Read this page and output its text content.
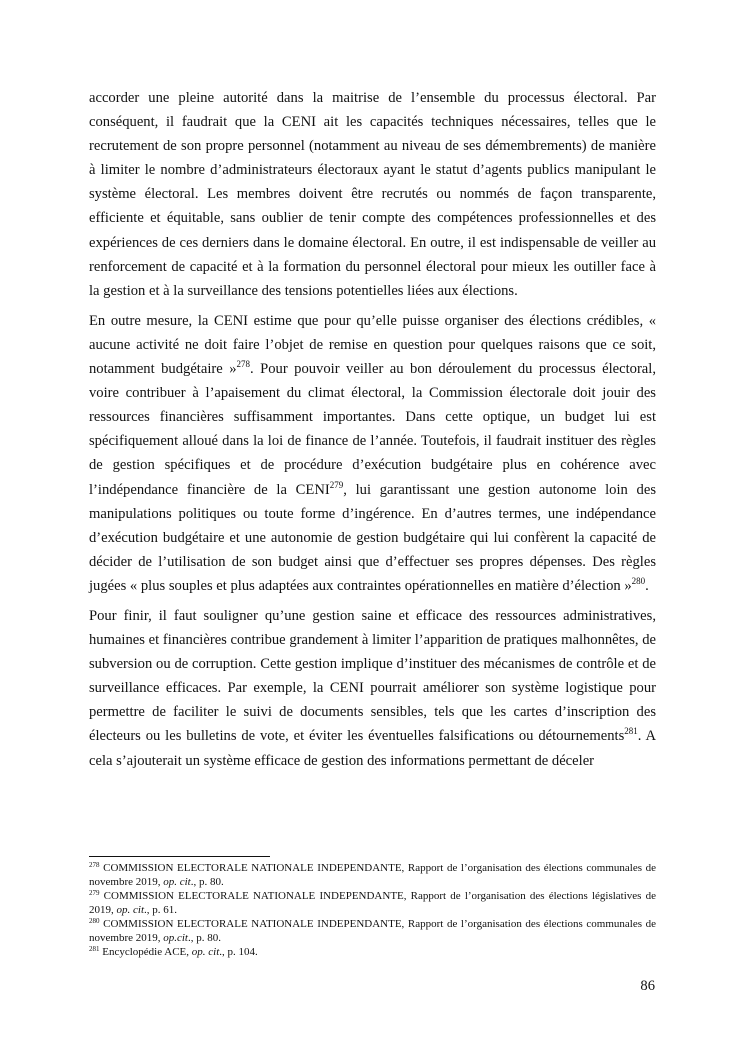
accorder une pleine autorité dans la maitrise de l’ensemble du processus électoral. Par conséquent, il faudrait que la CENI ait les capacités techniques nécessaires, telles que le recrutement de son propre personnel (notamment au niveau de ses démembrements) de manière à limiter le nombre d’administrateurs électoraux ayant le statut d’agents publics manipulant le système électoral. Les membres doivent être recrutés ou nommés de façon transparente, efficiente et équitable, sans oublier de tenir compte des compétences professionnelles et des expériences de ces derniers dans le domaine électoral. En outre, il est indispensable de veiller au renforcement de capacité et à la formation du personnel électoral pour mieux les outiller face à la gestion et à la surveillance des tensions potentielles liées aux élections.

En outre mesure, la CENI estime que pour qu’elle puisse organiser des élections crédibles, « aucune activité ne doit faire l’objet de remise en question pour quelques raisons que ce soit, notamment budgétaire »$^{278}$. Pour pouvoir veiller au bon déroulement du processus électoral, voire contribuer à l’apaisement du climat électoral, la Commission électorale doit jouir des ressources financières suffisamment importantes. Dans cette optique, un budget lui est spécifiquement alloué dans la loi de finance de l’année. Toutefois, il faudrait instituer des règles de gestion spécifiques et de procédure d’exécution budgétaire plus en cohérence avec l’indépendance financière de la CENI$^{279}$, lui garantissant une gestion autonome loin des manipulations politiques ou toute forme d’ingérence. En d’autres termes, une indépendance d’exécution budgétaire et une autonomie de gestion budgétaire qui lui confèrent la capacité de décider de l’utilisation de son budget ainsi que d’effectuer ses propres dépenses. Des règles jugées « plus souples et plus adaptées aux contraintes opérationnelles en matière d’élection »$^{280}$.

Pour finir, il faut souligner qu’une gestion saine et efficace des ressources administratives, humaines et financières contribue grandement à limiter l’apparition de pratiques malhonnêtes, de subversion ou de corruption. Cette gestion implique d’instituer des mécanismes de contrôle et de surveillance efficaces. Par exemple, la CENI pourrait améliorer son système logistique pour permettre de faciliter le suivi de documents sensibles, tels que les cartes d’inscription des électeurs ou les bulletins de vote, et éviter les éventuelles falsifications ou détournements$^{281}$. A cela s’ajouterait un système efficace de gestion des informations permettant de déceler

$^{278}$ COMMISSION ELECTORALE NATIONALE INDEPENDANTE, Rapport de l’organisation des élections communales de novembre 2019, op. cit., p. 80.

$^{279}$ COMMISSION ELECTORALE NATIONALE INDEPENDANTE, Rapport de l’organisation des élections législatives de 2019, op. cit., p. 61.

$^{280}$ COMMISSION ELECTORALE NATIONALE INDEPENDANTE, Rapport de l’organisation des élections communales de novembre 2019, op.cit., p. 80.

$^{281}$ Encyclopédie ACE, op. cit., p. 104.

86
